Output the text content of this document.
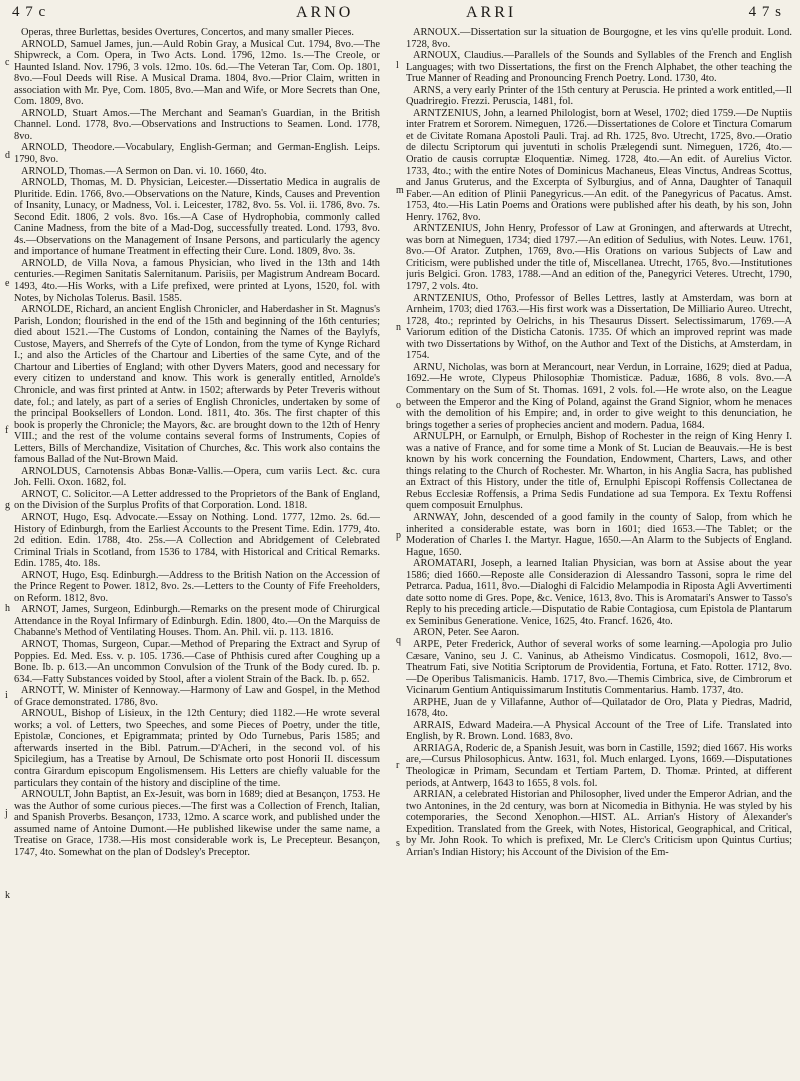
4 7 c	ARNO	ARRI	4 7 s

Operas, three Burlettas, besides Overtures, Concertos, and many smaller Pieces.

ARNOLD, Samuel James, jun.—Auld Robin Gray, a Musical Cut. 1794, 8vo.—The Shipwreck, a Com. Opera, in Two Acts. Lond. 1796, 12mo. 1s.—The Creole, or Haunted Island. Nov. 1796, 3 vols. 12mo. 10s. 6d.—The Veteran Tar, Com. Op. 1801, 8vo.—Foul Deeds will Rise. A Musical Drama. 1804, 8vo.—Prior Claim, written in association with Mr. Pye, Com. 1805, 8vo.—Man and Wife, or More Secrets than One, Com. 1809, 8vo.

ARNOLD, Stuart Amos.—The Merchant and Seaman's Guardian, in the British Channel. Lond. 1778, 8vo.—Observations and Instructions to Seamen. Lond. 1778, 8vo.

ARNOLD, Theodore.—Vocabulary, English-German; and German-English. Leips. 1790, 8vo.

ARNOLD, Thomas.—A Sermon on Dan. vi. 10. 1660, 4to.

ARNOLD, Thomas, M. D. Physician, Leicester.—Dissertatio Medica in augralis de Pluritide. Edin. 1766, 8vo.—Observations on the Nature, Kinds, Causes and Prevention of Insanity, Lunacy, or Madness, Vol. i. Leicester, 1782, 8vo. 5s. Vol. ii. 1786, 8vo. 7s. Second Edit. 1806, 2 vols. 8vo. 16s.—A Case of Hydrophobia, commonly called Canine Madness, from the bite of a Mad-Dog, successfully treated. Lond. 1793, 8vo. 4s.—Observations on the Management of Insane Persons, and particularly the agency and importance of humane Treatment in effecting their Cure. Lond. 1809, 8vo. 3s.

ARNOLD, de Villa Nova, a famous Physician, who lived in the 13th and 14th centuries.—Regimen Sanitatis Salernitanum. Parisiis, per Magistrum Andream Bocard. 1493, 4to.—His Works, with a Life prefixed, were printed at Lyons, 1520, fol. with Notes, by Nicholas Tolerus. Basil. 1585.

ARNOLDE, Richard, an ancient English Chronicler, and Haberdasher in St. Magnus's Parish, London; flourished in the end of the 15th and beginning of the 16th centuries; died about 1521.—The Customs of London, containing the Names of the Baylyfs, Custose, Mayers, and Sherrefs of the Cyte of London, from the tyme of Kynge Richard I.; and also the Articles of the Chartour and Liberties of the same Cyte, and of the Chartour and Liberties of England; with other Dyvers Maters, good and necessary for every citizen to understand and know. This work is generally entitled, Arnolde's Chronicle, and was first printed at Antw. in 1502; afterwards by Peter Treveris without date, fol.; and lately, as part of a series of English Chronicles, undertaken by some of the principal Booksellers of London. Lond. 1811, 4to. 36s. The first chapter of this book is properly the Chronicle; the Mayors, &c. are brought down to the 12th of Henry VIII.; and the rest of the volume contains several forms of Instruments, Copies of Letters, Bills of Merchandize, Visitation of Churches, &c. This work also contains the famous Ballad of the Nut-Brown Maid.

ARNOLDUS, Carnotensis Abbas Bonæ-Vallis.—Opera, cum variis Lect. &c. cura Joh. Felli. Oxon. 1682, fol.

ARNOT, C. Solicitor.—A Letter addressed to the Proprietors of the Bank of England, on the Division of the Surplus Profits of that Corporation. Lond. 1818.

ARNOT, Hugo, Esq. Advocate.—Essay on Nothing. Lond. 1777, 12mo. 2s. 6d.—History of Edinburgh, from the Earliest Accounts to the Present Time. Edin. 1779, 4to. 2d edition. Edin. 1788, 4to. 25s.—A Collection and Abridgement of Celebrated Criminal Trials in Scotland, from 1536 to 1784, with Historical and Critical Remarks. Edin. 1785, 4to. 18s.

ARNOT, Hugo, Esq. Edinburgh.—Address to the British Nation on the Accession of the Prince Regent to Power. 1812, 8vo. 2s.—Letters to the County of Fife Freeholders, on Reform. 1812, 8vo.

ARNOT, James, Surgeon, Edinburgh.—Remarks on the present mode of Chirurgical Attendance in the Royal Infirmary of Edinburgh. Edin. 1800, 4to.—On the Marquiss de Chabanne's Method of Ventilating Houses. Thom. An. Phil. vii. p. 113. 1816.

ARNOT, Thomas, Surgeon, Cupar.—Method of Preparing the Extract and Syrup of Poppies. Ed. Med. Ess. v. p. 105. 1736.—Case of Phthisis cured after Coughing up a Bone. Ib. p. 613.—An uncommon Convulsion of the Trunk of the Body cured. Ib. p. 634.—Fatty Substances voided by Stool, after a violent Strain of the Back. Ib. p. 652.

ARNOTT, W. Minister of Kennoway.—Harmony of Law and Gospel, in the Method of Grace demonstrated. 1786, 8vo.

ARNOUL, Bishop of Lisieux, in the 12th Century; died 1182.—He wrote several works; a vol. of Letters, two Speeches, and some Pieces of Poetry, under the title, Epistolæ, Conciones, et Epigrammata; printed by Odo Turnebus, Paris 1585; and afterwards inserted in the Bibl. Patrum.—D'Acheri, in the second vol. of his Spicilegium, has a Treatise by Arnoul, De Schismate orto post Honorii II. discessum contra Girardum episcopum Engolismensem. His Letters are chiefly valuable for the particulars they contain of the history and discipline of the time.

ARNOULT, John Baptist, an Ex-Jesuit, was born in 1689; died at Besançon, 1753. He was the Author of some curious pieces.—The first was a Collection of French, Italian, and Spanish Proverbs. Besançon, 1733, 12mo. A scarce work, and published under the assumed name of Antoine Dumont.—He published likewise under the same name, a Treatise on Grace, 1738.—His most considerable work is, Le Precepteur. Besançon, 1747, 4to. Somewhat on the plan of Dodsley's Preceptor.

ARNOUX.—Dissertation sur la situation de Bourgogne, et les vins qu'elle produit. Lond. 1728, 8vo.

ARNOUX, Claudius.—Parallels of the Sounds and Syllables of the French and English Languages; with two Dissertations, the first on the French Alphabet, the other teaching the True Manner of Reading and Pronouncing French Poetry. Lond. 1730, 4to.

ARNS, a very early Printer of the 15th century at Peruscia. He printed a work entitled,—Il Quadriregio. Frezzi. Peruscia, 1481, fol.

ARNTZENIUS, John, a learned Philologist, born at Wesel, 1702; died 1759.—De Nuptiis inter Fratrem et Sororem. Nimeguen, 1726.—Dissertationes de Colore et Tinctura Comarum et de Civitate Romana Apostoli Pauli. Traj. ad Rh. 1725, 8vo. Utrecht, 1725, 8vo.—Oratio de dilectu Scriptorum qui juventuti in scholis Prælegendi sunt. Nimeguen, 1726, 4to.—Oratio de causis corruptæ Eloquentiæ. Nimeg. 1728, 4to.—An edit. of Aurelius Victor. 1733, 4to.; with the entire Notes of Dominicus Machaneus, Eleas Vinctus, Andreas Scottus, and Janus Gruterus, and the Excerpta of Sylburgius, and of Anna, Daughter of Tanaquil Faber.—An edition of Plinii Panegyricus.—An edit. of the Panegyricus of Pacatus. Amst. 1753, 4to.—His Latin Poems and Orations were published after his death, by his son, John Henry. 1762, 8vo.

ARNTZENIUS, John Henry, Professor of Law at Groningen, and afterwards at Utrecht, was born at Nimeguen, 1734; died 1797.—An edition of Sedulius, with Notes. Leuw. 1761, 8vo.—Of Arator. Zutphen, 1769, 8vo.—His Orations on various Subjects of Law and Criticism, were published under the title of, Miscellanea. Utrecht, 1765, 8vo.—Institutiones juris Belgici. Gron. 1783, 1788.—And an edition of the, Panegyrici Veteres. Utrecht, 1790, 1797, 2 vols. 4to.

ARNTZENIUS, Otho, Professor of Belles Lettres, lastly at Amsterdam, was born at Arnheim, 1703; died 1763.—His first work was a Dissertation, De Milliario Aureo. Utrecht, 1728, 4to.; reprinted by Oelrichs, in his Thesaurus Dissert. Selectissimarum, 1769.—A Variorum edition of the Disticha Catonis. 1735. Of which an improved reprint was made with two Dissertations by Withof, on the Author and Text of the Distichs, at Amsterdam, in 1754.

ARNU, Nicholas, was born at Merancourt, near Verdun, in Lorraine, 1629; died at Padua, 1692.—He wrote, Clypeus Philosophiæ Thomisticæ. Paduæ, 1686, 8 vols. 8vo.—A Commentary on the Sum of St. Thomas. 1691, 2 vols. fol.—He wrote also, on the League between the Emperor and the King of Poland, against the Grand Signior, whom he menaces with the demolition of his Empire; and, in order to give weight to this denunciation, he brings together a series of prophecies ancient and modern. Padua, 1684.

ARNULPH, or Earnulph, or Ernulph, Bishop of Rochester in the reign of King Henry I. was a native of France, and for some time a Monk of St. Lucian de Beauvais.—He is best known by his work concerning the Foundation, Endowment, Charters, Laws, and other things relating to the Church of Rochester. Mr. Wharton, in his Anglia Sacra, has published an Extract of this History, under the title of, Ernulphi Episcopi Roffensis Collectanea de Rebus Ecclesiæ Roffensis, a Prima Sedis Fundatione ad sua Tempora. Ex Textu Roffensi quem composuit Ernulphus.

ARNWAY, John, descended of a good family in the county of Salop, from which he inherited a considerable estate, was born in 1601; died 1653.—The Tablet; or the Moderation of Charles I. the Martyr. Hague, 1650.—An Alarm to the Subjects of England. Hague, 1650.

AROMATARI, Joseph, a learned Italian Physician, was born at Assise about the year 1586; died 1660.—Reposte alle Considerazion di Alessandro Tassoni, sopra le rime del Petrarca. Padua, 1611, 8vo.—Dialoghi di Falcidio Melampodia in Riposta Agli Avvertimenti date sotto nome di Gres. Pope, &c. Venice, 1613, 8vo. This is Aromatari's Answer to Tasso's Reply to his preceding article.—Disputatio de Rabie Contagiosa, cum Epistola de Plantarum ex Seminibus Generatione. Venice, 1625, 4to. Francf. 1626, 4to.

ARON, Peter. See Aaron.

ARPE, Peter Frederick, Author of several works of some learning.—Apologia pro Julio Cæsare, Vanino, seu J. C. Vaninus, ab Atheismo Vindicatus. Cosmopoli, 1612, 8vo.—Theatrum Fati, sive Notitia Scriptorum de Providentia, Fortuna, et Fato. Rotter. 1712, 8vo.—De Operibus Talismanicis. Hamb. 1717, 8vo.—Themis Cimbrica, sive, de Cimbrorum et Vicinarum Gentium Antiquissimarum Institutis Commentarius. Hamb. 1737, 4to.

ARPHE, Juan de y Villafanne, Author of—Quilatador de Oro, Plata y Piedras, Madrid, 1678, 4to.

ARRAIS, Edward Madeira.—A Physical Account of the Tree of Life. Translated into English, by R. Brown. Lond. 1683, 8vo.

ARRIAGA, Roderic de, a Spanish Jesuit, was born in Castille, 1592; died 1667. His works are,—Cursus Philosophicus. Antw. 1631, fol. Much enlarged. Lyons, 1669.—Disputationes Theologicæ in Primam, Secundam et Tertiam Partem, D. Thomæ. Printed, at different periods, at Antwerp, 1643 to 1655, 8 vols. fol.

ARRIAN, a celebrated Historian and Philosopher, lived under the Emperor Adrian, and the two Antonines, in the 2d century, was born at Nicomedia in Bithynia. He was styled by his cotemporaries, the Second Xenophon.—HIST. AL. Arrian's History of Alexander's Expedition. Translated from the Greek, with Notes, Historical, Geographical, and Critical, by Mr. John Rook. To which is prefixed, Mr. Le Clerc's Criticism upon Quintus Curtius; Arrian's Indian History; his Account of the Division of the Em-

c
d
e
f
g
h
i
j
k
l
m
n
o
p
q
r
s
